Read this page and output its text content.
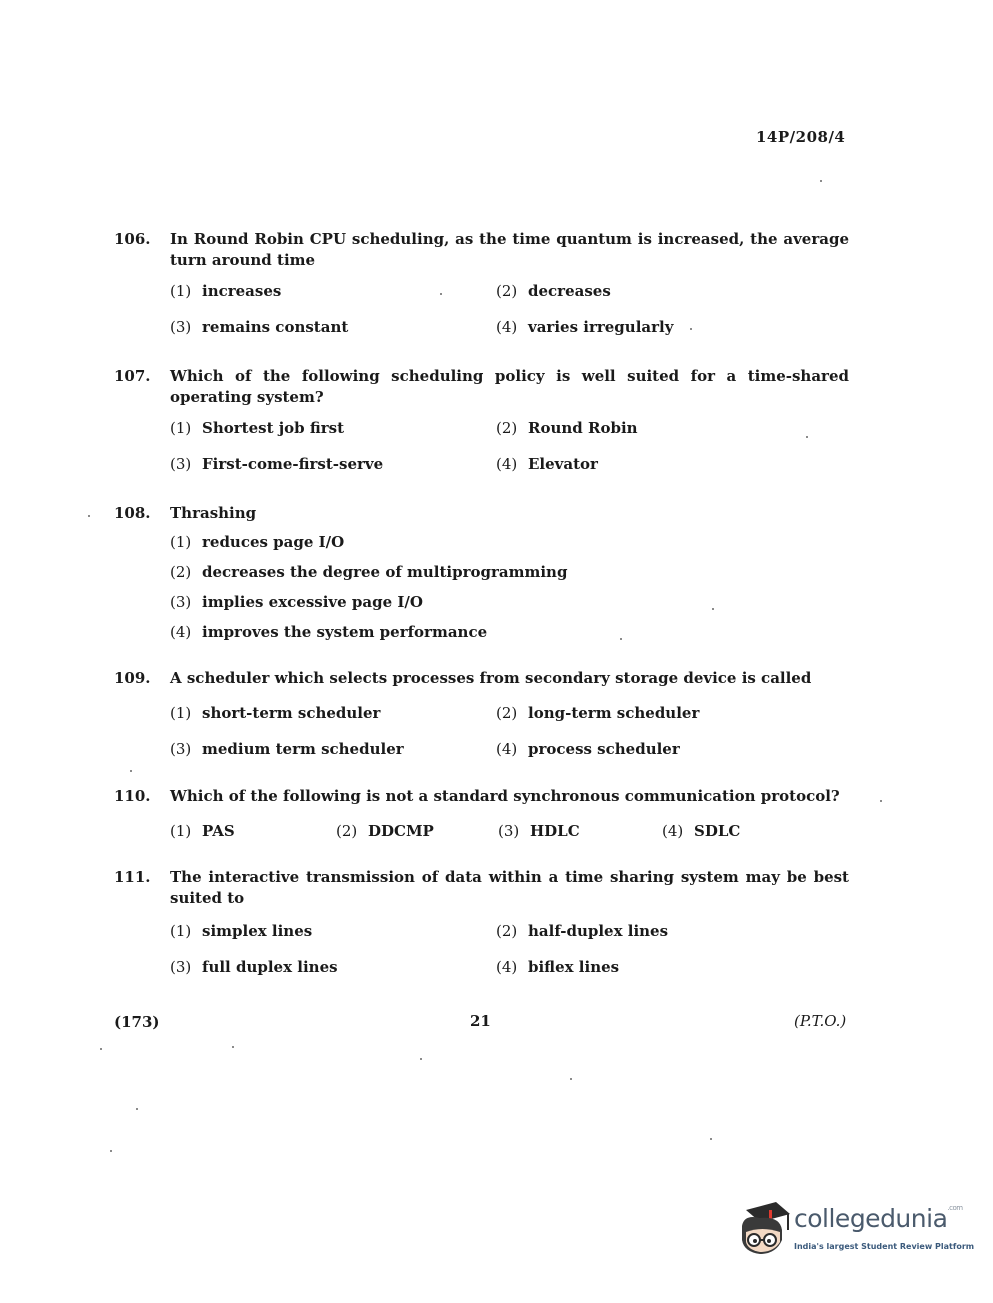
14P/208/4
106.	In Round Robin CPU scheduling, as the time quantum is increased, the average turn around time
(1) increases	(2) decreases
(3) remains constant	(4) varies irregularly
107.	Which of the following scheduling policy is well suited for a time-shared operating system?
(1) Shortest job first	(2) Round Robin
(3) First-come-first-serve	(4) Elevator
108.	Thrashing
(1) reduces page I/O
(2) decreases the degree of multiprogramming
(3) implies excessive page I/O
(4) improves the system performance
109.	A scheduler which selects processes from secondary storage device is called
(1) short-term scheduler	(2) long-term scheduler
(3) medium term scheduler	(4) process scheduler
110.	Which of the following is not a standard synchronous communication protocol?
(1) PAS	(2) DDCMP	(3) HDLC	(4) SDLC
111.	The interactive transmission of data within a time sharing system may be best suited to
(1) simplex lines	(2) half-duplex lines
(3) full duplex lines	(4) biflex lines
(173)	21	(P.T.O.)
collegedunia$^{.com}$
India's largest Student Review Platform
